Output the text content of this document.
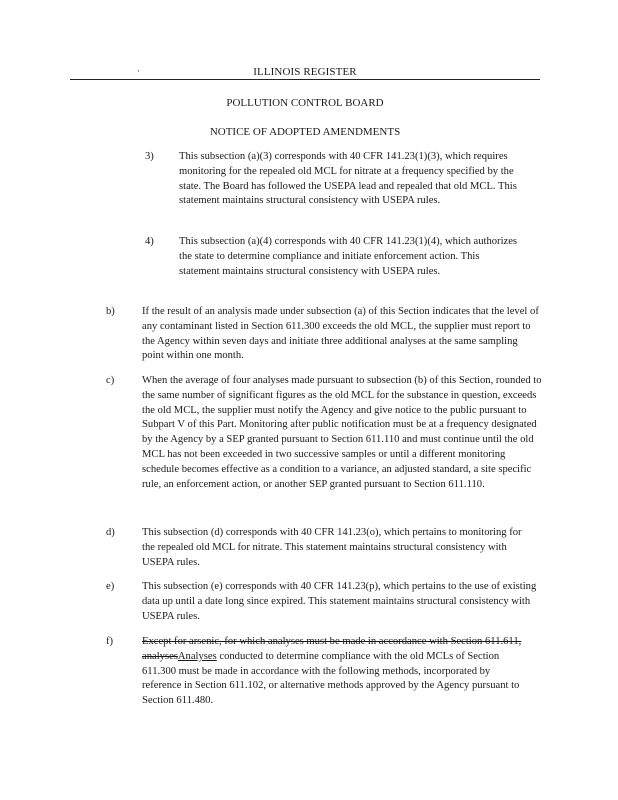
ILLINOIS REGISTER
·
POLLUTION CONTROL BOARD
NOTICE OF ADOPTED AMENDMENTS
3) This subsection (a)(3) corresponds with 40 CFR 141.23(1)(3), which requires monitoring for the repealed old MCL for nitrate at a frequency specified by the state. The Board has followed the USEPA lead and repealed that old MCL. This statement maintains structural consistency with USEPA rules.
4) This subsection (a)(4) corresponds with 40 CFR 141.23(1)(4), which authorizes the state to determine compliance and initiate enforcement action. This statement maintains structural consistency with USEPA rules.
b)	If the result of an analysis made under subsection (a) of this Section indicates that the level of any contaminant listed in Section 611.300 exceeds the old MCL, the supplier must report to the Agency within seven days and initiate three additional analyses at the same sampling point within one month.
c)	When the average of four analyses made pursuant to subsection (b) of this Section, rounded to the same number of significant figures as the old MCL for the substance in question, exceeds the old MCL, the supplier must notify the Agency and give notice to the public pursuant to Subpart V of this Part. Monitoring after public notification must be at a frequency designated by the Agency by a SEP granted pursuant to Section 611.110 and must continue until the old MCL has not been exceeded in two successive samples or until a different monitoring schedule becomes effective as a condition to a variance, an adjusted standard, a site specific rule, an enforcement action, or another SEP granted pursuant to Section 611.110.
d)	This subsection (d) corresponds with 40 CFR 141.23(o), which pertains to monitoring for the repealed old MCL for nitrate. This statement maintains structural consistency with USEPA rules.
e)	This subsection (e) corresponds with 40 CFR 141.23(p), which pertains to the use of existing data up until a date long since expired. This statement maintains structural consistency with USEPA rules.
f)	Except for arsenic, for which analyses must be made in accordance with Section 611.611, analysesAnalyses conducted to determine compliance with the old MCLs of Section 611.300 must be made in accordance with the following methods, incorporated by reference in Section 611.102, or alternative methods approved by the Agency pursuant to Section 611.480.
